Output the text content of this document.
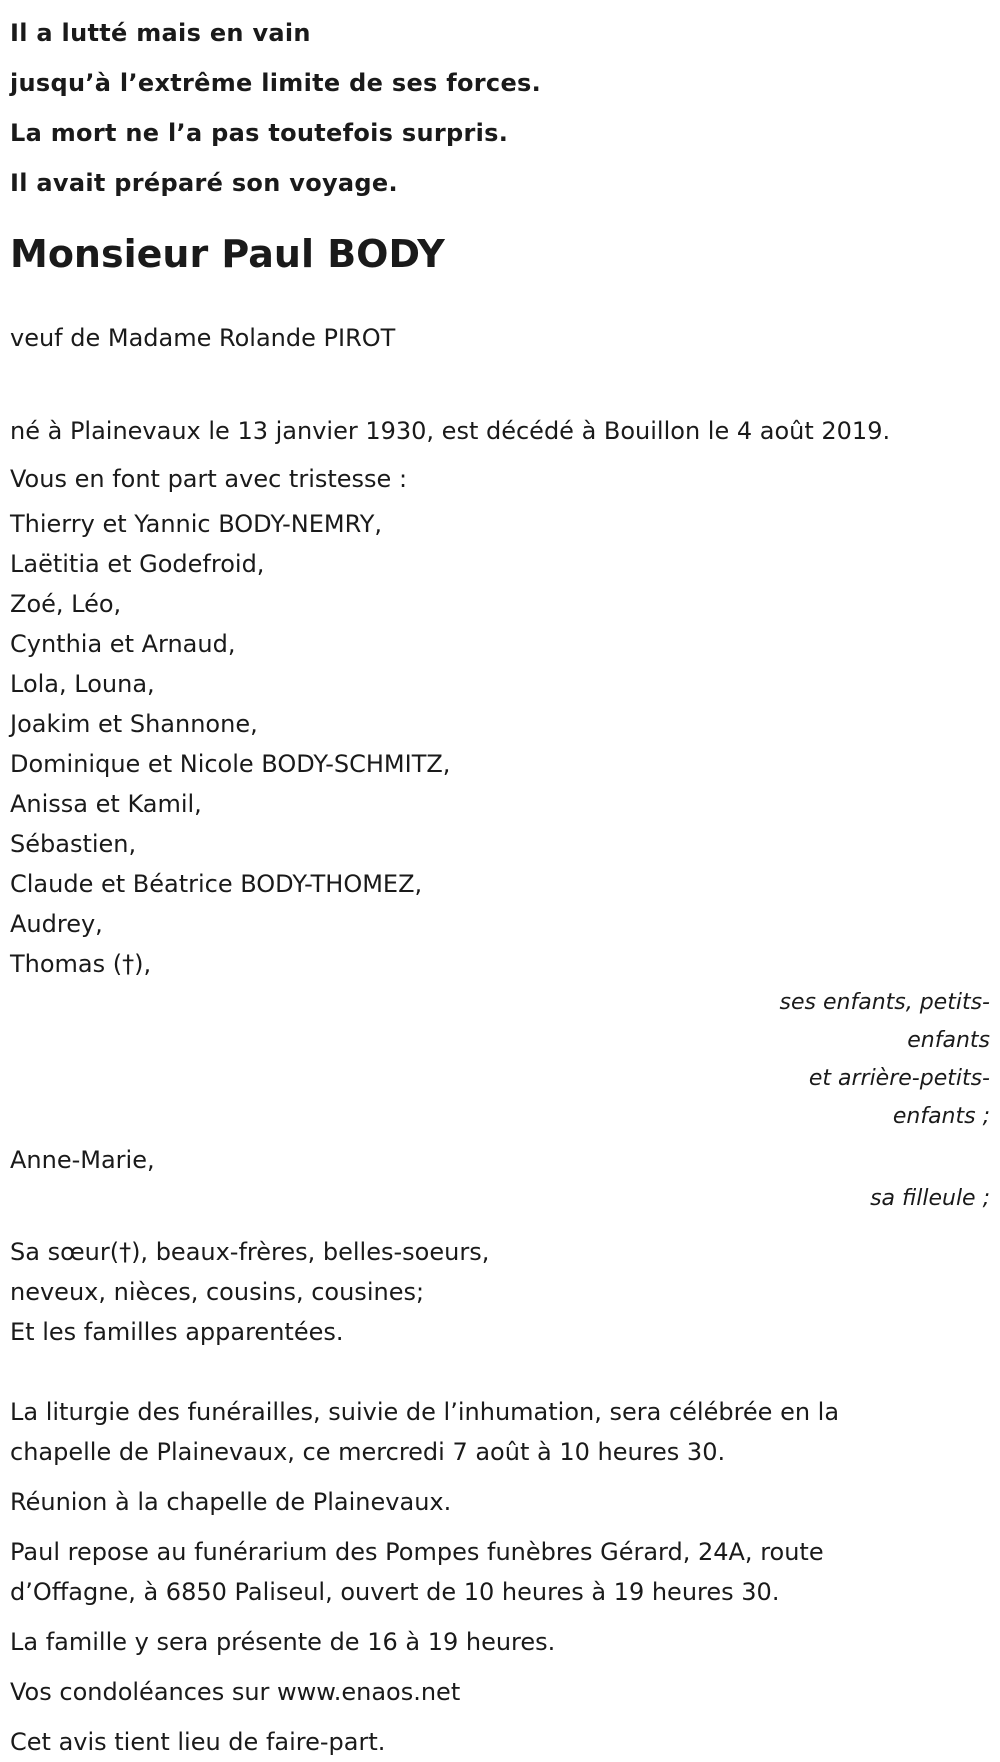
Il a lutté mais en vain
jusqu’à l’extrême limite de ses forces.
La mort ne l’a pas toutefois surpris.
Il avait préparé son voyage.
Monsieur Paul BODY
veuf de Madame Rolande PIROT
né à Plainevaux le 13 janvier 1930, est décédé à Bouillon le 4 août 2019.
Vous en font part avec tristesse :
Thierry et Yannic BODY-NEMRY,
Laëtitia et Godefroid,
Zoé, Léo,
Cynthia et Arnaud,
Lola, Louna,
Joakim et Shannone,
Dominique et Nicole BODY-SCHMITZ,
Anissa et Kamil,
Sébastien,
Claude et Béatrice BODY-THOMEZ,
Audrey,
Thomas (†),
ses enfants, petits-enfants
et arrière-petits-enfants ;
Anne-Marie,
sa filleule ;
Sa sœur(†), beaux-frères, belles-soeurs,
neveux, nièces, cousins, cousines;
Et les familles apparentées.
La liturgie des funérailles, suivie de l’inhumation, sera célébrée en la
chapelle de Plainevaux, ce mercredi 7 août à 10 heures 30.
Réunion à la chapelle de Plainevaux.
Paul repose au funérarium des Pompes funèbres Gérard, 24A, route
d’Offagne, à 6850 Paliseul, ouvert de 10 heures à 19 heures 30.
La famille y sera présente de 16 à 19 heures.
Vos condoléances sur www.enaos.net
Cet avis tient lieu de faire-part.
